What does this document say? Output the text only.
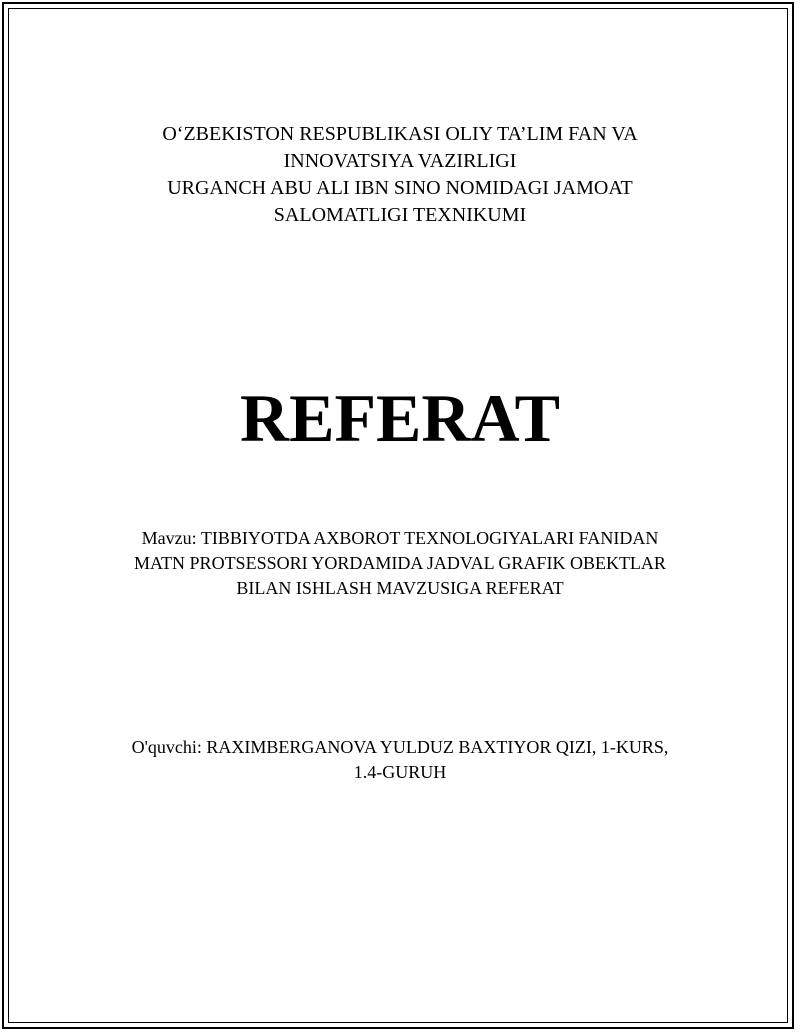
O‘ZBEKISTON RESPUBLIKASI OLIY TA’LIM FAN VA
INNOVATSIYA VAZIRLIGI
URGANCH ABU ALI IBN SINO NOMIDAGI JAMOAT
SALOMATLIGI TEXNIKUMI
REFERAT
Mavzu: TIBBIYOTDA AXBOROT TEXNOLOGIYALARI FANIDAN
MATN PROTSESSORI YORDAMIDA JADVAL GRAFIK OBEKTLAR
BILAN ISHLASH MAVZUSIGA REFERAT
O'quvchi: RAXIMBERGANOVA YULDUZ BAXTIYOR QIZI, 1-KURS,
1.4-GURUH
